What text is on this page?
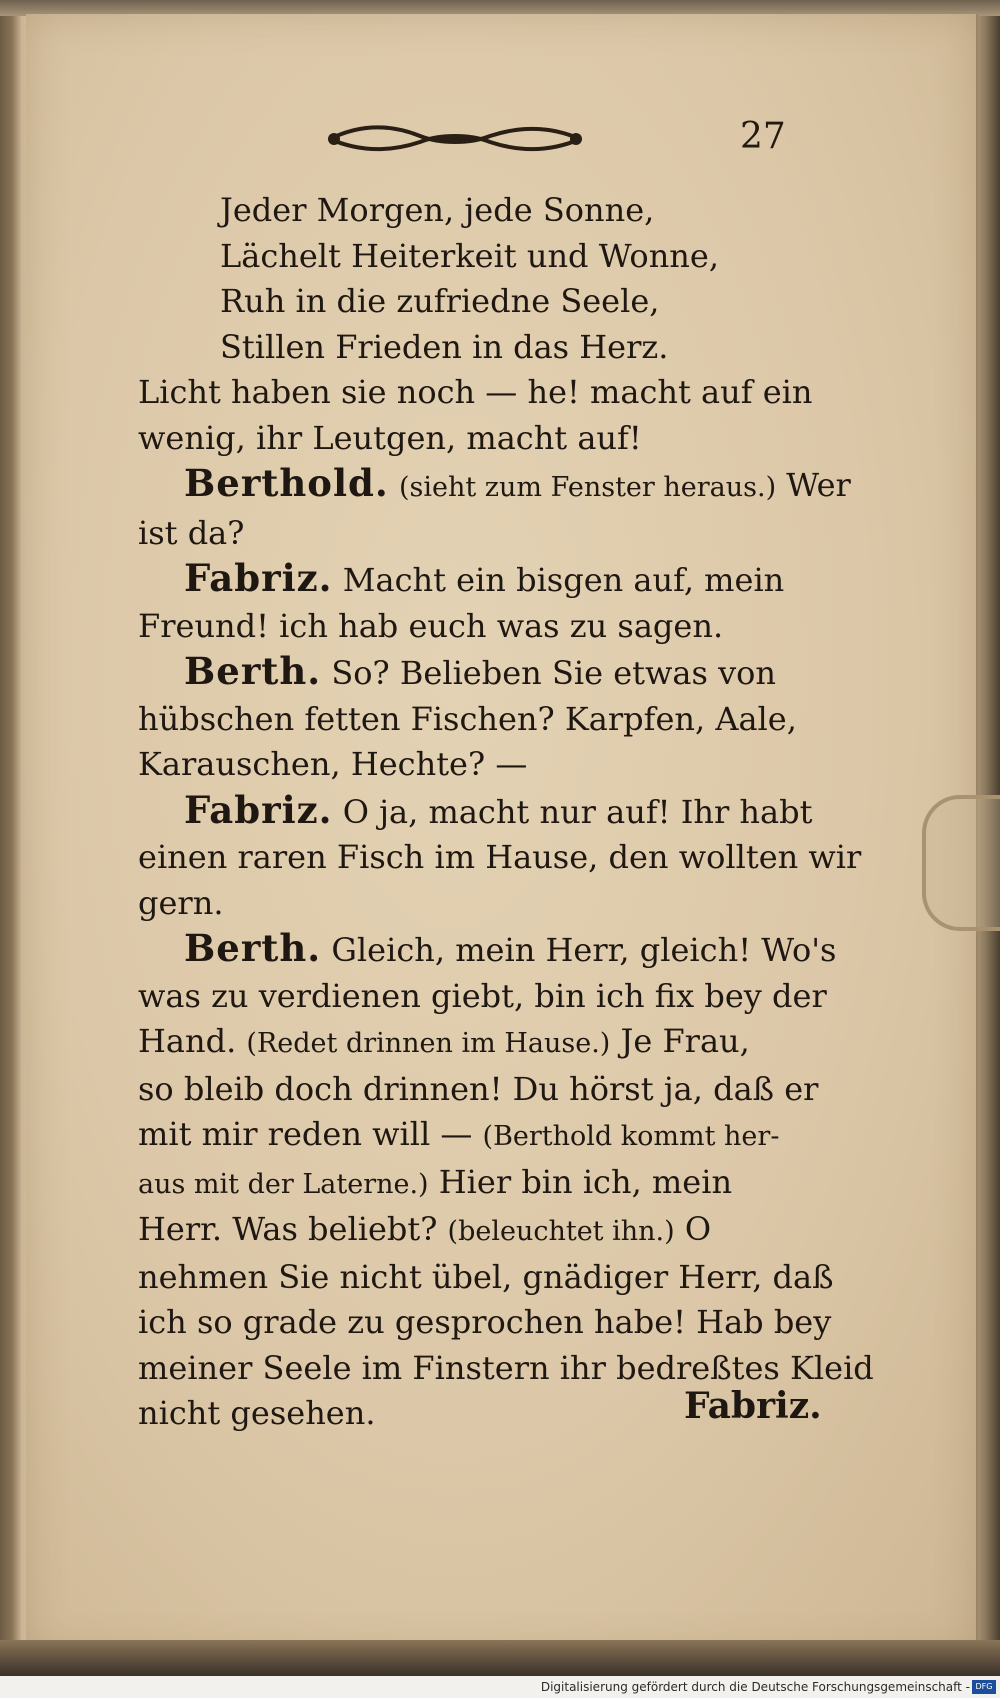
27
Jeder Morgen, jede Sonne,
Lächelt Heiterkeit und Wonne,
Ruh in die zufriedne Seele,
Stillen Frieden in das Herz.
Licht haben sie noch — he! macht auf ein
wenig, ihr Leutgen, macht auf!
Berthold. (sieht zum Fenster heraus.) Wer
ist da?
Fabriz. Macht ein bisgen auf, mein
Freund! ich hab euch was zu sagen.
Berth. So? Belieben Sie etwas von
hübschen fetten Fischen? Karpfen, Aale,
Karauschen, Hechte? —
Fabriz. O ja, macht nur auf! Ihr habt
einen raren Fisch im Hause, den wollten wir
gern.
Berth. Gleich, mein Herr, gleich! Wo's
was zu verdienen giebt, bin ich fix bey der
Hand. (Redet drinnen im Hause.) Je Frau,
so bleib doch drinnen! Du hörst ja, daß er
mit mir reden will — (Berthold kommt her-
aus mit der Laterne.) Hier bin ich, mein
Herr. Was beliebt? (beleuchtet ihn.) O
nehmen Sie nicht übel, gnädiger Herr, daß
ich so grade zu gesprochen habe! Hab bey
meiner Seele im Finstern ihr bedreßtes Kleid
nicht gesehen.	Fabriz.
Digitalisierung gefördert durch die Deutsche Forschungsgemeinschaft - DFG
